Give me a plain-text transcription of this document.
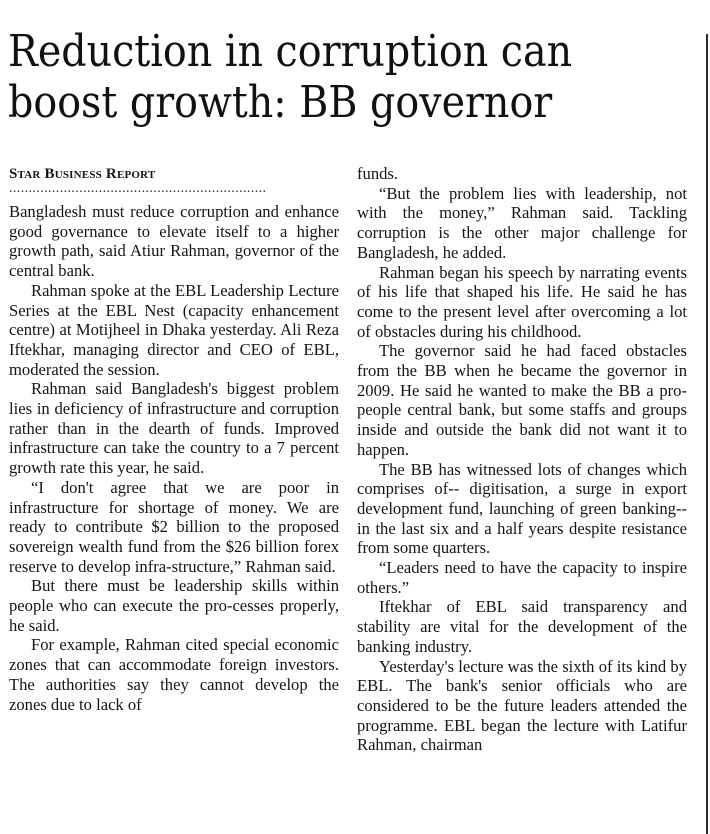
Reduction in corruption can
boost growth: BB governor
Star Business Report
..................................................................

Bangladesh must reduce corruption and enhance good governance to elevate itself to a higher growth path, said Atiur Rahman, governor of the central bank.

Rahman spoke at the EBL Leadership Lecture Series at the EBL Nest (capacity enhancement centre) at Motijheel in Dhaka yesterday. Ali Reza Iftekhar, managing director and CEO of EBL, moderated the session.

Rahman said Bangladesh's biggest problem lies in deficiency of infrastructure and corruption rather than in the dearth of funds. Improved infrastructure can take the country to a 7 percent growth rate this year, he said.

“I don't agree that we are poor in infrastructure for shortage of money. We are ready to contribute $2 billion to the proposed sovereign wealth fund from the $26 billion forex reserve to develop infra-structure,” Rahman said.

But there must be leadership skills within people who can execute the pro-cesses properly, he said.

For example, Rahman cited special economic zones that can accommodate foreign investors. The authorities say they cannot develop the zones due to lack of

funds.

“But the problem lies with leadership, not with the money,” Rahman said. Tackling corruption is the other major challenge for Bangladesh, he added.

Rahman began his speech by narrating events of his life that shaped his life. He said he has come to the present level after overcoming a lot of obstacles during his childhood.

The governor said he had faced obstacles from the BB when he became the governor in 2009. He said he wanted to make the BB a pro-people central bank, but some staffs and groups inside and outside the bank did not want it to happen.

The BB has witnessed lots of changes which comprises of-- digitisation, a surge in export development fund, launching of green banking-- in the last six and a half years despite resistance from some quarters.

“Leaders need to have the capacity to inspire others.”

Iftekhar of EBL said transparency and stability are vital for the development of the banking industry.

Yesterday's lecture was the sixth of its kind by EBL. The bank's senior officials who are considered to be the future leaders attended the programme. EBL began the lecture with Latifur Rahman, chairman
